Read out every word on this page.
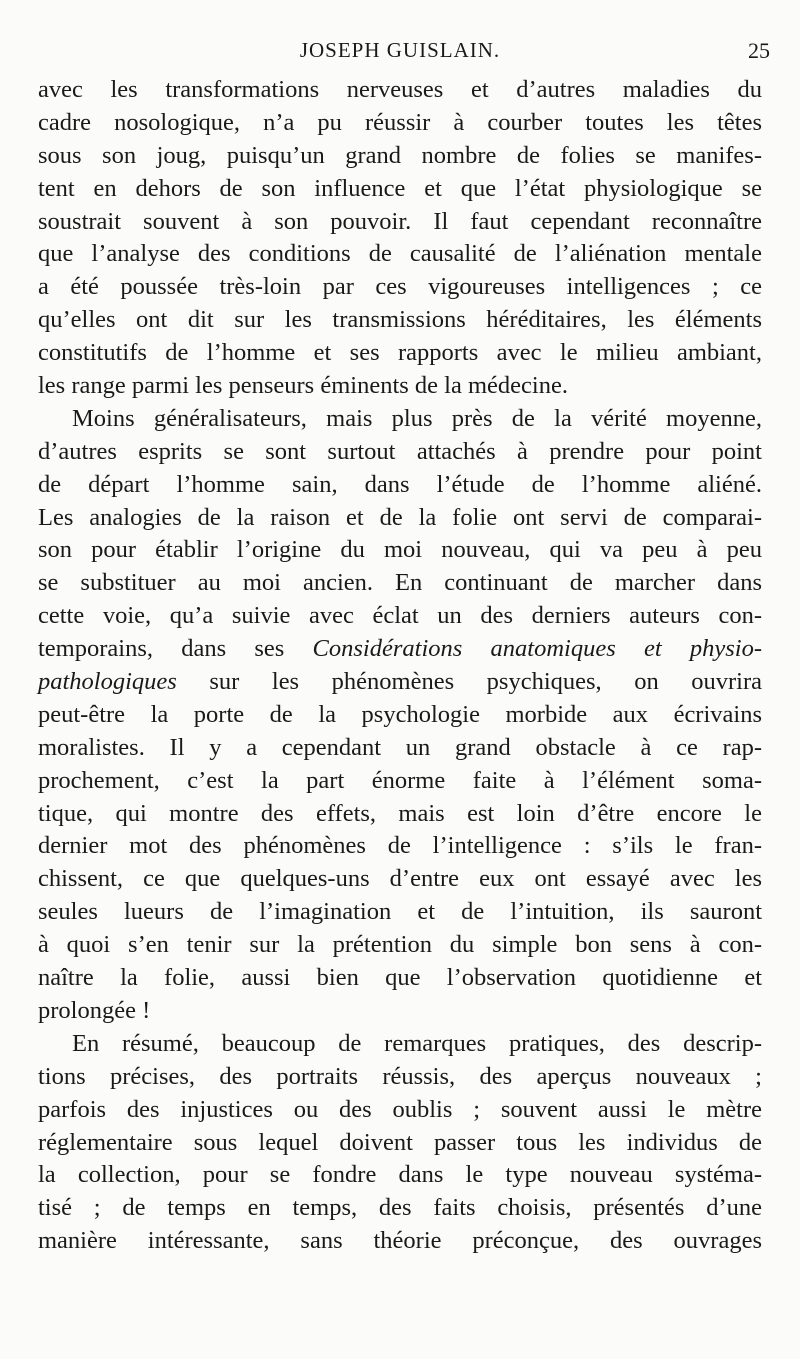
JOSEPH GUISLAIN.	25
avec les transformations nerveuses et d’autres maladies du
cadre nosologique, n’a pu réussir à courber toutes les têtes
sous son joug, puisqu’un grand nombre de folies se manifes-
tent en dehors de son influence et que l’état physiologique se
soustrait souvent à son pouvoir. Il faut cependant reconnaître
que l’analyse des conditions de causalité de l’aliénation mentale
a été poussée très-loin par ces vigoureuses intelligences ; ce
qu’elles ont dit sur les transmissions héréditaires, les éléments
constitutifs de l’homme et ses rapports avec le milieu ambiant,
les range parmi les penseurs éminents de la médecine.
Moins généralisateurs, mais plus près de la vérité moyenne,
d’autres esprits se sont surtout attachés à prendre pour point
de départ l’homme sain, dans l’étude de l’homme aliéné.
Les analogies de la raison et de la folie ont servi de comparai-
son pour établir l’origine du moi nouveau, qui va peu à peu
se substituer au moi ancien. En continuant de marcher dans
cette voie, qu’a suivie avec éclat un des derniers auteurs con-
temporains, dans ses Considérations anatomiques et physio-
pathologiques sur les phénomènes psychiques, on ouvrira
peut-être la porte de la psychologie morbide aux écrivains
moralistes. Il y a cependant un grand obstacle à ce rap-
prochement, c’est la part énorme faite à l’élément soma-
tique, qui montre des effets, mais est loin d’être encore le
dernier mot des phénomènes de l’intelligence : s’ils le fran-
chissent, ce que quelques-uns d’entre eux ont essayé avec les
seules lueurs de l’imagination et de l’intuition, ils sauront
à quoi s’en tenir sur la prétention du simple bon sens à con-
naître la folie, aussi bien que l’observation quotidienne et
prolongée !
En résumé, beaucoup de remarques pratiques, des descrip-
tions précises, des portraits réussis, des aperçus nouveaux ;
parfois des injustices ou des oublis ; souvent aussi le mètre
réglementaire sous lequel doivent passer tous les individus de
la collection, pour se fondre dans le type nouveau systéma-
tisé ; de temps en temps, des faits choisis, présentés d’une
manière intéressante, sans théorie préconçue, des ouvrages
